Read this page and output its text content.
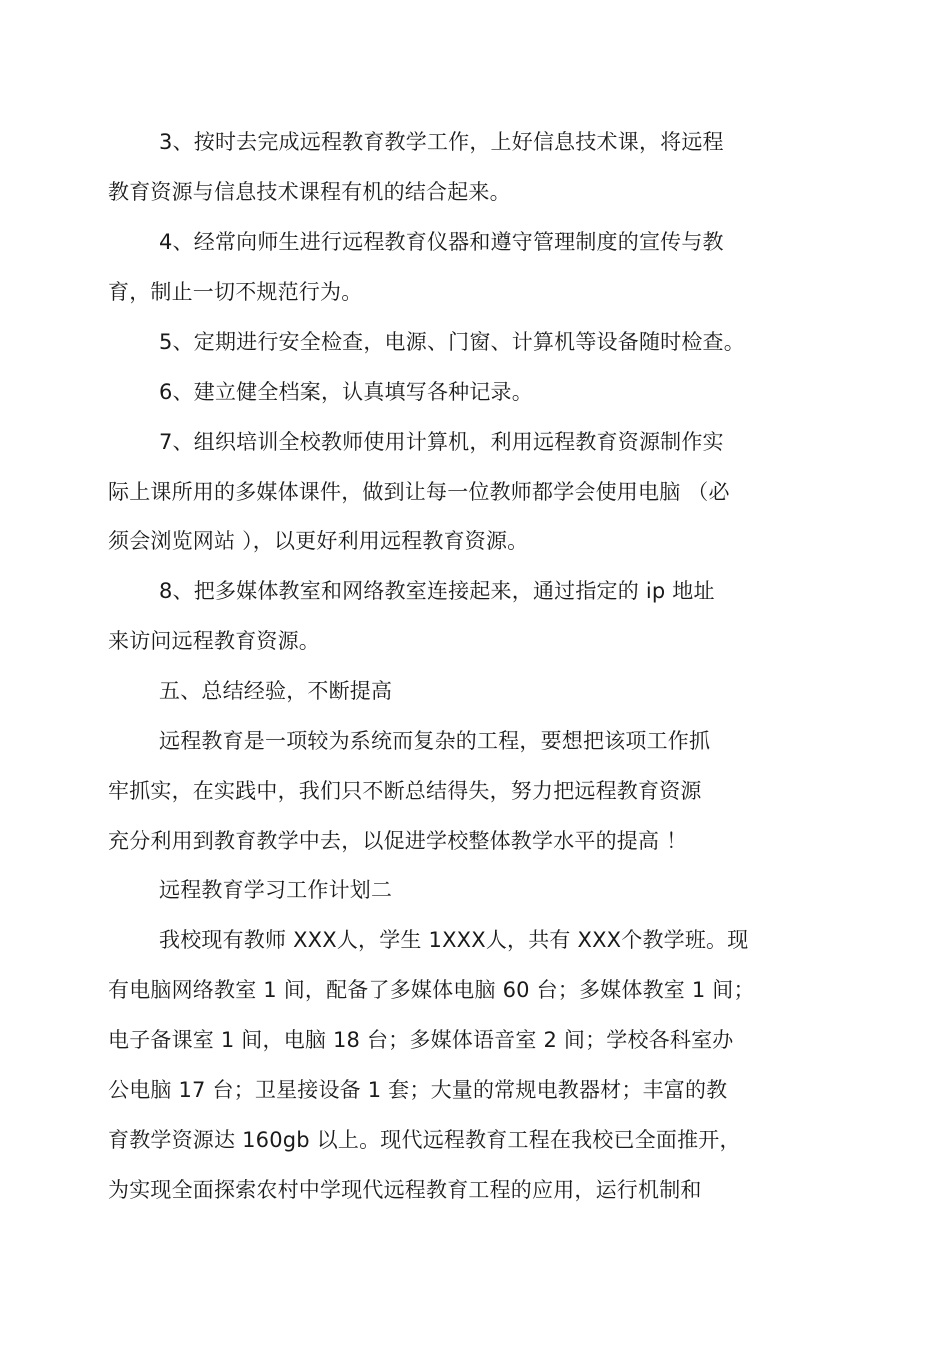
3、按时去完成远程教育教学工作，上好信息技术课，将远程
教育资源与信息技术课程有机的结合起来。
4、经常向师生进行远程教育仪器和遵守管理制度的宣传与教
育，制止一切不规范行为。
5、定期进行安全检查，电源、门窗、计算机等设备随时检查。
6、建立健全档案，认真填写各种记录。
7、组织培训全校教师使用计算机，利用远程教育资源制作实
际上课所用的多媒体课件，做到让每一位教师都学会使用电脑 （必
须会浏览网站 ），以更好利用远程教育资源。
8、把多媒体教室和网络教室连接起来，通过指定的 ip 地址
来访问远程教育资源。
五、总结经验，不断提高
远程教育是一项较为系统而复杂的工程，要想把该项工作抓
牢抓实，在实践中，我们只不断总结得失，努力把远程教育资源
充分利用到教育教学中去，以促进学校整体教学水平的提高 ！
远程教育学习工作计划二
我校现有教师 XXX人，学生 1XXX人，共有 XXX个教学班。现
有电脑网络教室 1 间，配备了多媒体电脑 60 台；多媒体教室 1 间；
电子备课室 1 间，电脑 18 台；多媒体语音室 2 间；学校各科室办
公电脑 17 台；卫星接设备 1 套；大量的常规电教器材；丰富的教
育教学资源达 160gb 以上。现代远程教育工程在我校已全面推开，
为实现全面探索农村中学现代远程教育工程的应用，运行机制和
